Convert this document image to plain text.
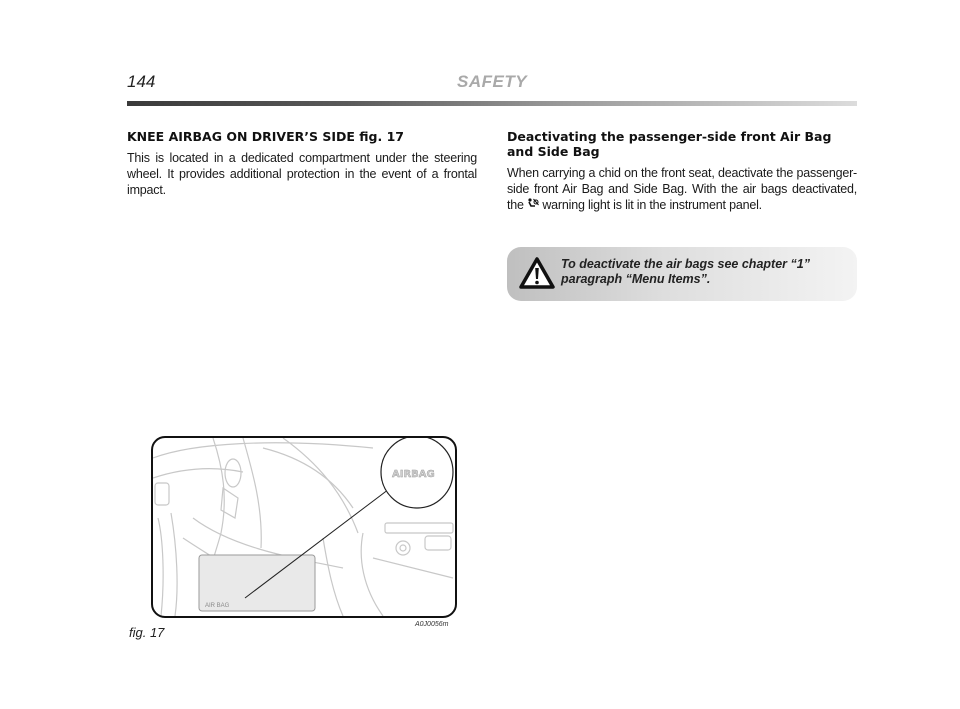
144	SAFETY
KNEE AIRBAG ON DRIVER’S SIDE fig. 17

This is located in a dedicated compartment under the steering wheel. It provides additional protection in the event of a frontal impact.

Deactivating the passenger-side front Air Bag and Side Bag

When carrying a chid on the front seat, deactivate the passenger-side front Air Bag and Side Bag. With the air bags deactivated, the  warning light is lit in the instrument panel.

To deactivate the air bags see chapter “1” paragraph “Menu Items”.
AIR BAG
AIRBAG
fig. 17
A0J0056m
